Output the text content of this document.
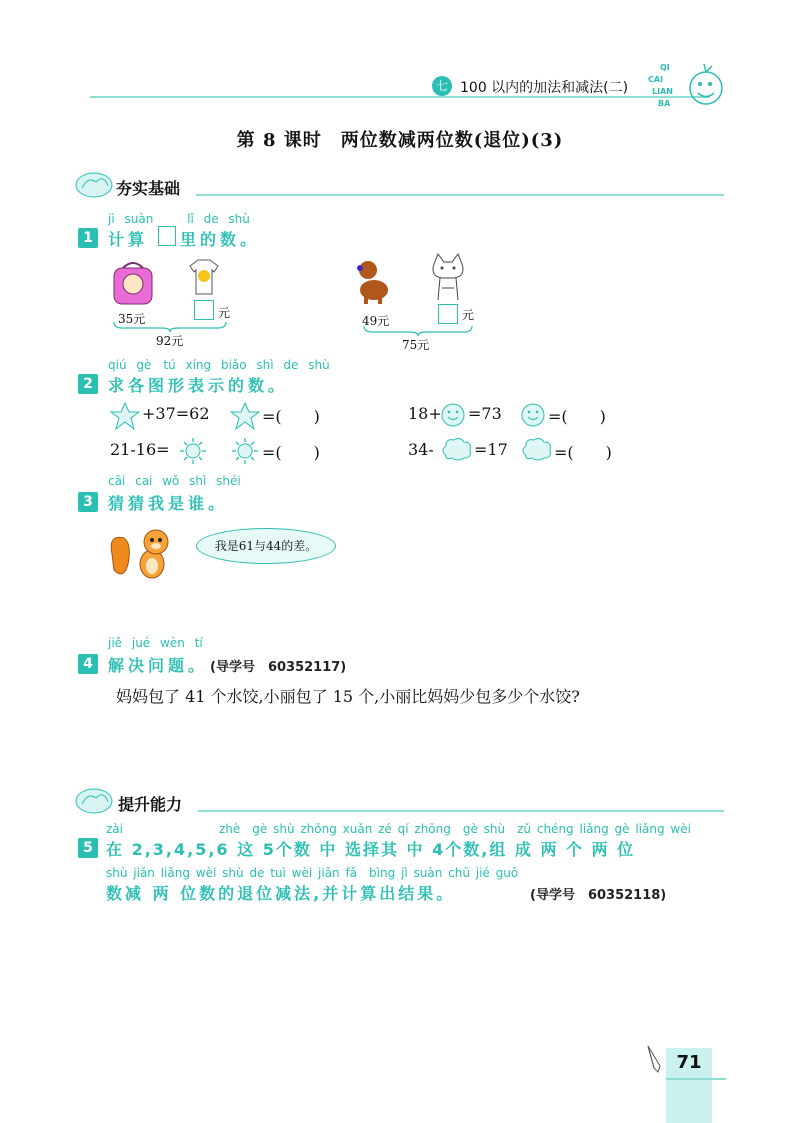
七 100 以内的加法和减法(二)
QI
CAI
LIAN
BA
第 8 课时　两位数减两位数(退位)(3)
夯实基础
jì suàn　　 lǐ de shù
1 计算 里的数。
35元	元
92元
49元	元
75元
qiú gè　tú xíng biǎo shì de shù
2 求各图形表示的数。
+37=62	=(　　)	18+ =73	=(　　)
21-16=	=(　　)	34-	=17	=(　　)
cāi cai wǒ shì shéi
3 猜猜我是谁。
我是61与44的差。
jiě jué wèn tí
4 解决问题。 (导学号　60352117)
妈妈包了 41 个水饺,小丽包了 15 个,小丽比妈妈少包多少个水饺?
提升能力
zài　　　　　　　　zhè　gè shù zhōng xuǎn zé qí zhōng　gè shù　zǔ chéng liǎng gè liǎng wèi
5 在 2,3,4,5,6 这 5个数 中 选择其 中 4个数,组 成 两 个 两 位
shù jiǎn liǎng wèi shù de tuì wèi jiǎn fǎ　bìng jì suàn chū jié guǒ
数减 两 位数的退位减法,并计算出结果。	(导学号　60352118)
71
